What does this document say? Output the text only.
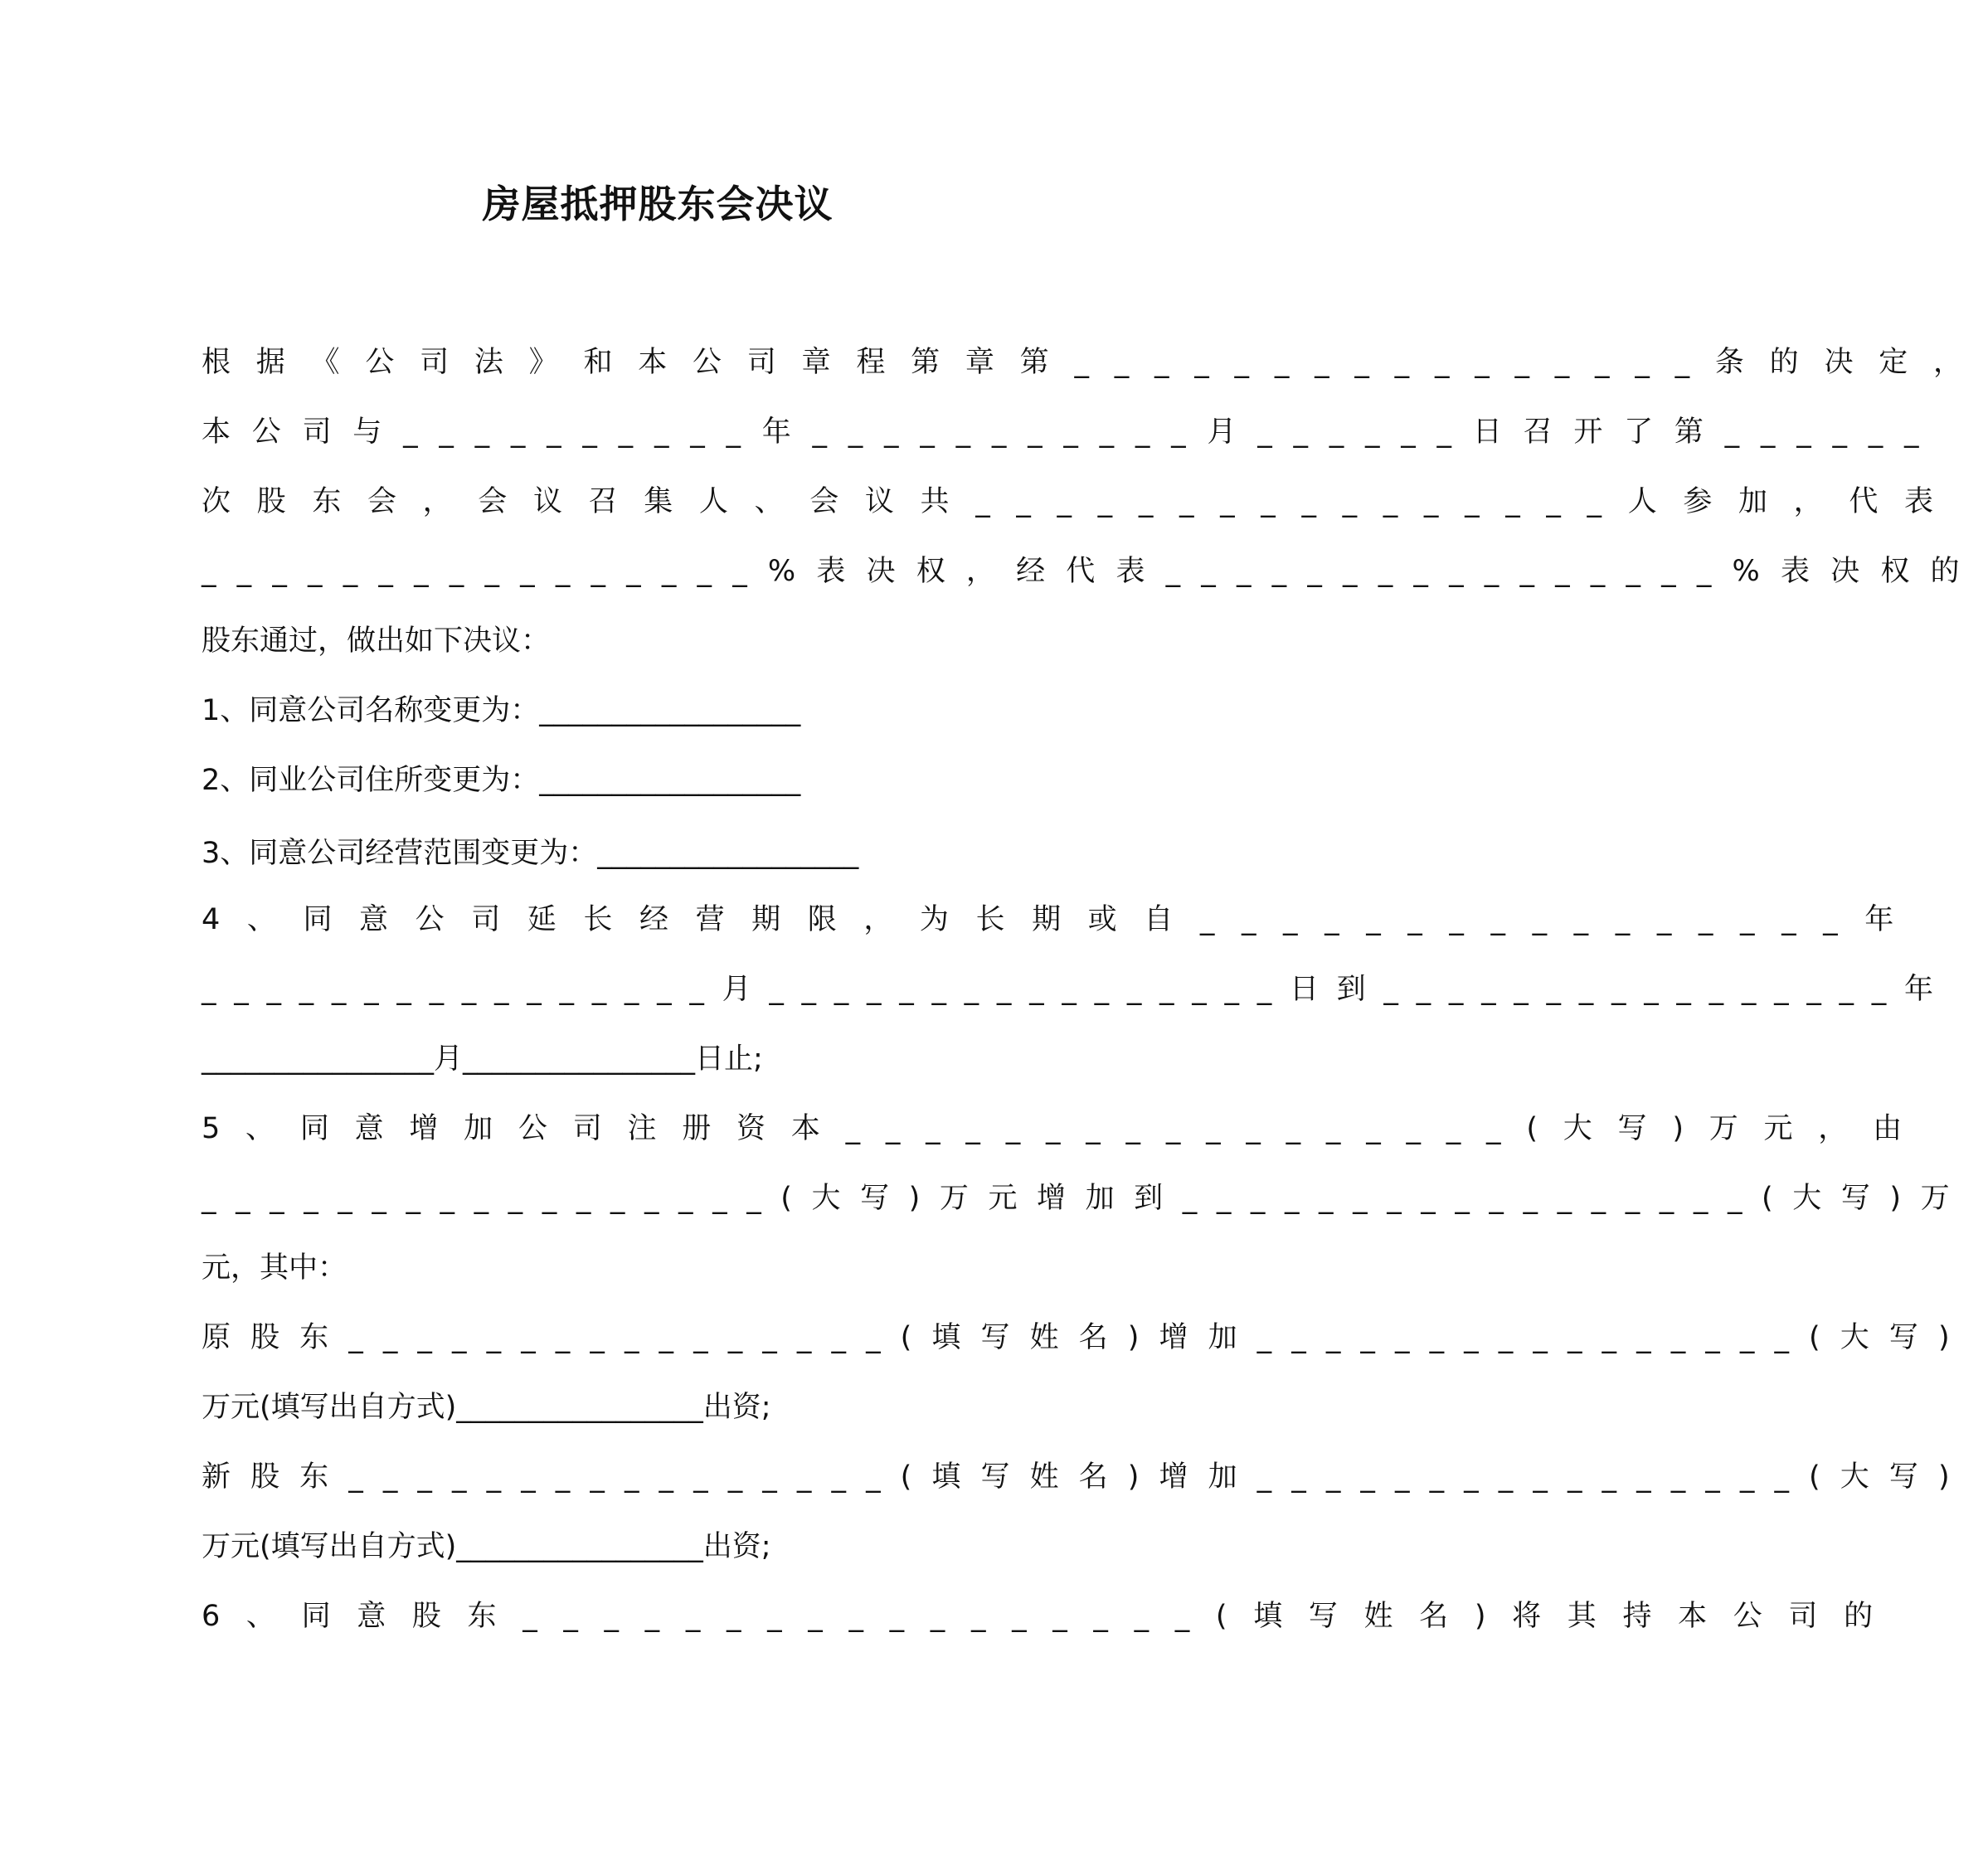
房屋抵押股东会决议
根据《公司法》和本公司章程第章第________________条的决定，
本公司与__________年___________月______日召开了第______
次股东会，会议召集人、会议共________________人参加，代表
________________%表决权，经代表________________%表决权的
股东通过，做出如下决议：
1、同意公司名称变更为：__________________
2、同业公司住所变更为：__________________
3、同意公司经营范围变更为：__________________
4、同意公司延长经营期限，为长期或自________________年
________________月________________日到________________年
________________月________________日止;
5、同意增加公司注册资本_________________(大写)万元，由
_________________(大写)万元增加到_________________(大写)万
元，其中：
原股东________________(填写姓名)增加________________(大写)
万元(填写出自方式)_________________出资;
新股东________________(填写姓名)增加________________(大写)
万元(填写出自方式)_________________出资;
6、同意股东_________________(填写姓名)将其持本公司的
